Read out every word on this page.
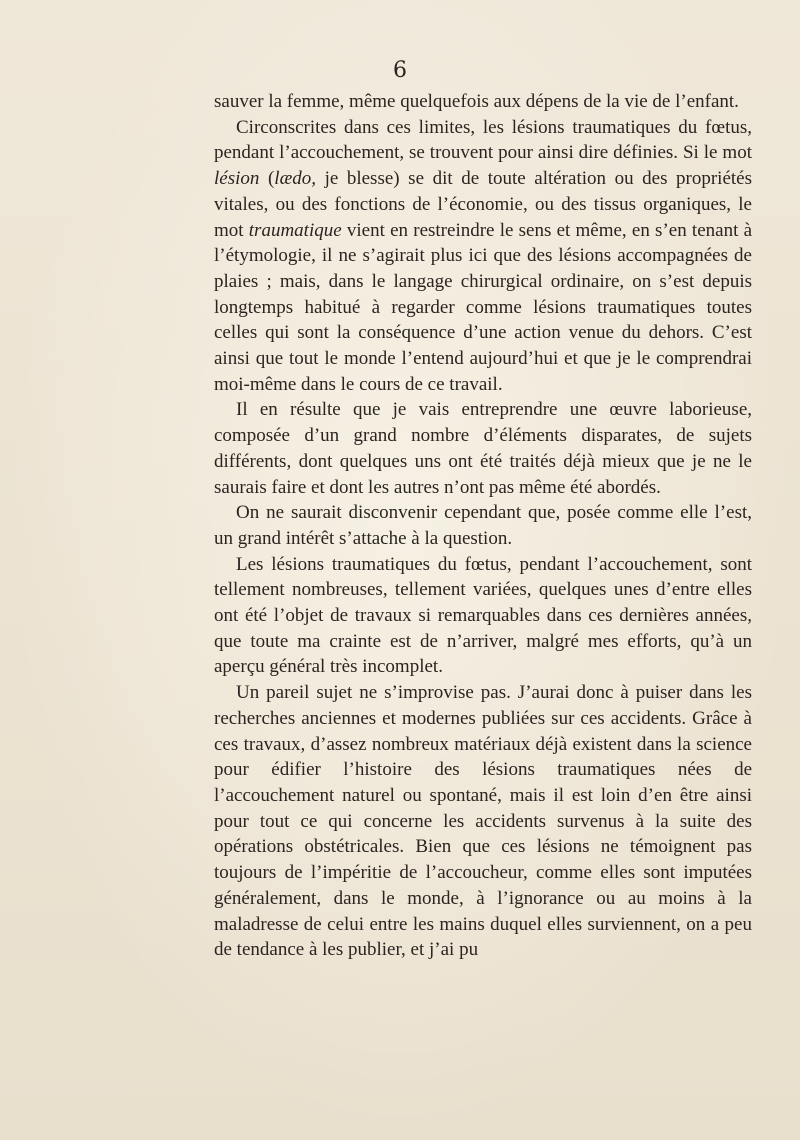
6

sauver la femme, même quelquefois aux dépens de la vie de l’enfant.

Circonscrites dans ces limites, les lésions traumatiques du fœtus, pendant l’accouchement, se trouvent pour ainsi dire définies. Si le mot lésion (lædo, je blesse) se dit de toute altération ou des propriétés vitales, ou des fonctions de l’économie, ou des tissus organiques, le mot traumatique vient en restreindre le sens et même, en s’en tenant à l’étymologie, il ne s’agirait plus ici que des lésions accompagnées de plaies ; mais, dans le langage chirurgical ordinaire, on s’est depuis longtemps habitué à regarder comme lésions traumatiques toutes celles qui sont la conséquence d’une action venue du dehors. C’est ainsi que tout le monde l’entend aujourd’hui et que je le comprendrai moi-même dans le cours de ce travail.

Il en résulte que je vais entreprendre une œuvre laborieuse, composée d’un grand nombre d’éléments disparates, de sujets différents, dont quelques uns ont été traités déjà mieux que je ne le saurais faire et dont les autres n’ont pas même été abordés.

On ne saurait disconvenir cependant que, posée comme elle l’est, un grand intérêt s’attache à la question.

Les lésions traumatiques du fœtus, pendant l’accouchement, sont tellement nombreuses, tellement variées, quelques unes d’entre elles ont été l’objet de travaux si remarquables dans ces dernières années, que toute ma crainte est de n’arriver, malgré mes efforts, qu’à un aperçu général très incomplet.

Un pareil sujet ne s’improvise pas. J’aurai donc à puiser dans les recherches anciennes et modernes publiées sur ces accidents. Grâce à ces travaux, d’assez nombreux matériaux déjà existent dans la science pour édifier l’histoire des lésions traumatiques nées de l’accouchement naturel ou spontané, mais il est loin d’en être ainsi pour tout ce qui concerne les accidents survenus à la suite des opérations obstétricales. Bien que ces lésions ne témoignent pas toujours de l’impéritie de l’accoucheur, comme elles sont imputées généralement, dans le monde, à l’ignorance ou au moins à la maladresse de celui entre les mains duquel elles surviennent, on a peu de tendance à les publier, et j’ai pu
